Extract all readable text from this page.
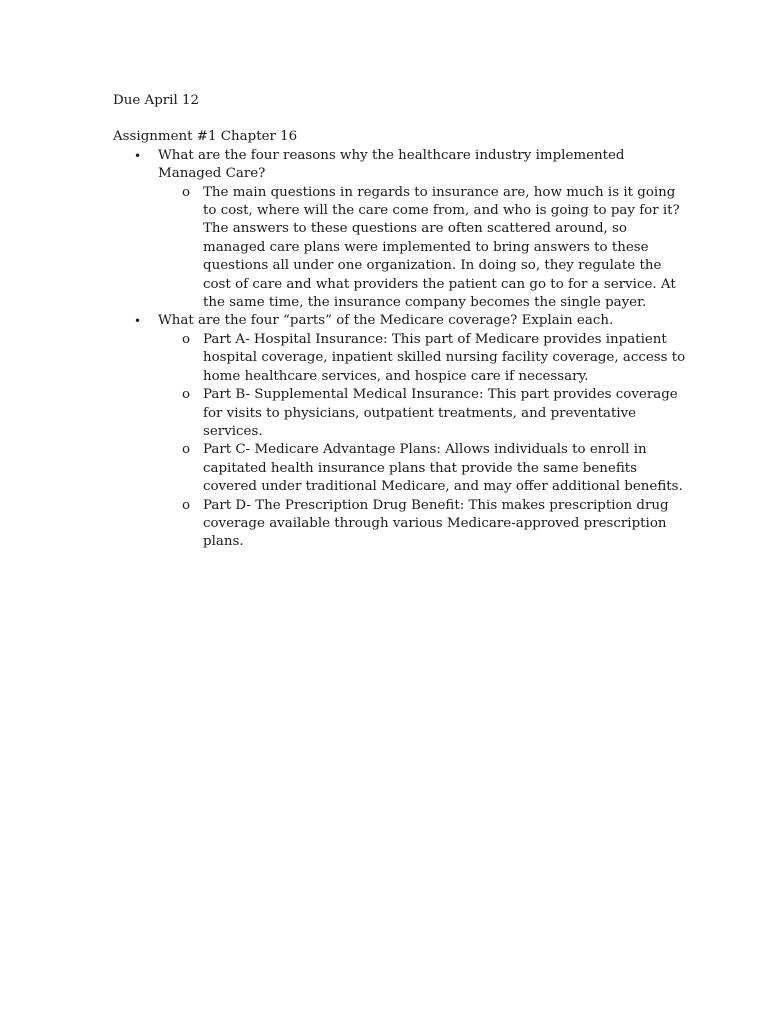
Due April 12

Assignment #1 Chapter 16

• What are the four reasons why the healthcare industry implemented
Managed Care?
o The main questions in regards to insurance are, how much is it going
to cost, where will the care come from, and who is going to pay for it?
The answers to these questions are often scattered around, so
managed care plans were implemented to bring answers to these
questions all under one organization. In doing so, they regulate the
cost of care and what providers the patient can go to for a service. At
the same time, the insurance company becomes the single payer.
• What are the four “parts” of the Medicare coverage? Explain each.
o Part A- Hospital Insurance: This part of Medicare provides inpatient
hospital coverage, inpatient skilled nursing facility coverage, access to
home healthcare services, and hospice care if necessary.
o Part B- Supplemental Medical Insurance: This part provides coverage
for visits to physicians, outpatient treatments, and preventative
services.
o Part C- Medicare Advantage Plans: Allows individuals to enroll in
capitated health insurance plans that provide the same benefits
covered under traditional Medicare, and may offer additional benefits.
o Part D- The Prescription Drug Benefit: This makes prescription drug
coverage available through various Medicare-approved prescription
plans.
